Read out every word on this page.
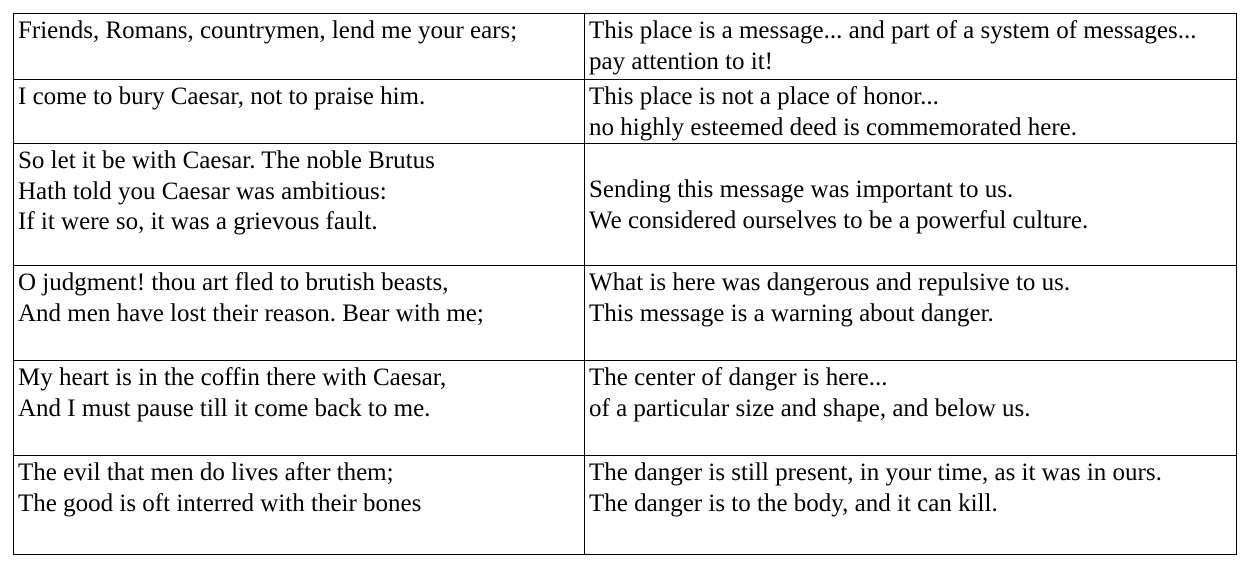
Friends, Romans, countrymen, lend me your ears;	This place is a message... and part of a system of messages... pay attention to it!

I come to bury Caesar, not to praise him.	This place is not a place of honor...
no highly esteemed deed is commemorated here.

So let it be with Caesar. The noble Brutus
Hath told you Caesar was ambitious:
If it were so, it was a grievous fault.	Sending this message was important to us.
We considered ourselves to be a powerful culture.

O judgment! thou art fled to brutish beasts,
And men have lost their reason. Bear with me;	What is here was dangerous and repulsive to us.
This message is a warning about danger.

My heart is in the coffin there with Caesar,
And I must pause till it come back to me.	The center of danger is here...
of a particular size and shape, and below us.

The evil that men do lives after them;
The good is oft interred with their bones	The danger is still present, in your time, as it was in ours.
The danger is to the body, and it can kill.
